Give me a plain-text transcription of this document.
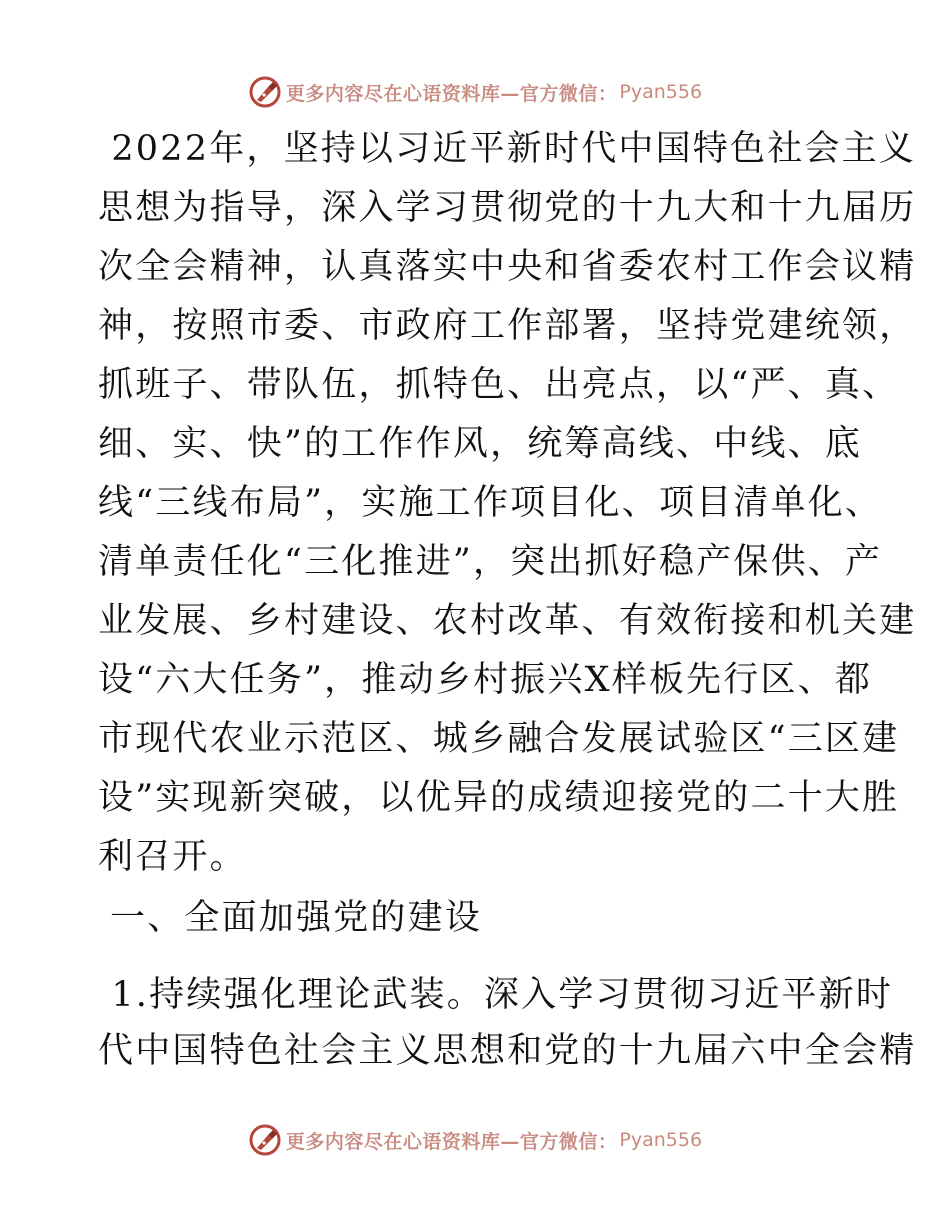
更多内容尽在心语资料库—官方微信： Pyan556
2022年，坚持以习近平新时代中国特色社会主义
思想为指导，深入学习贯彻党的十九大和十九届历
次全会精神，认真落实中央和省委农村工作会议精
神，按照市委、市政府工作部署，坚持党建统领，
抓班子、带队伍，抓特色、出亮点，以“严、真、
细、实、快”的工作作风，统筹高线、中线、底
线“三线布局”，实施工作项目化、项目清单化、
清单责任化“三化推进”，突出抓好稳产保供、产
业发展、乡村建设、农村改革、有效衔接和机关建
设“六大任务”，推动乡村振兴X样板先行区、都
市现代农业示范区、城乡融合发展试验区“三区建
设”实现新突破，以优异的成绩迎接党的二十大胜
利召开。
一、全面加强党的建设
1.持续强化理论武装。深入学习贯彻习近平新时
代中国特色社会主义思想和党的十九届六中全会精
更多内容尽在心语资料库—官方微信： Pyan556
